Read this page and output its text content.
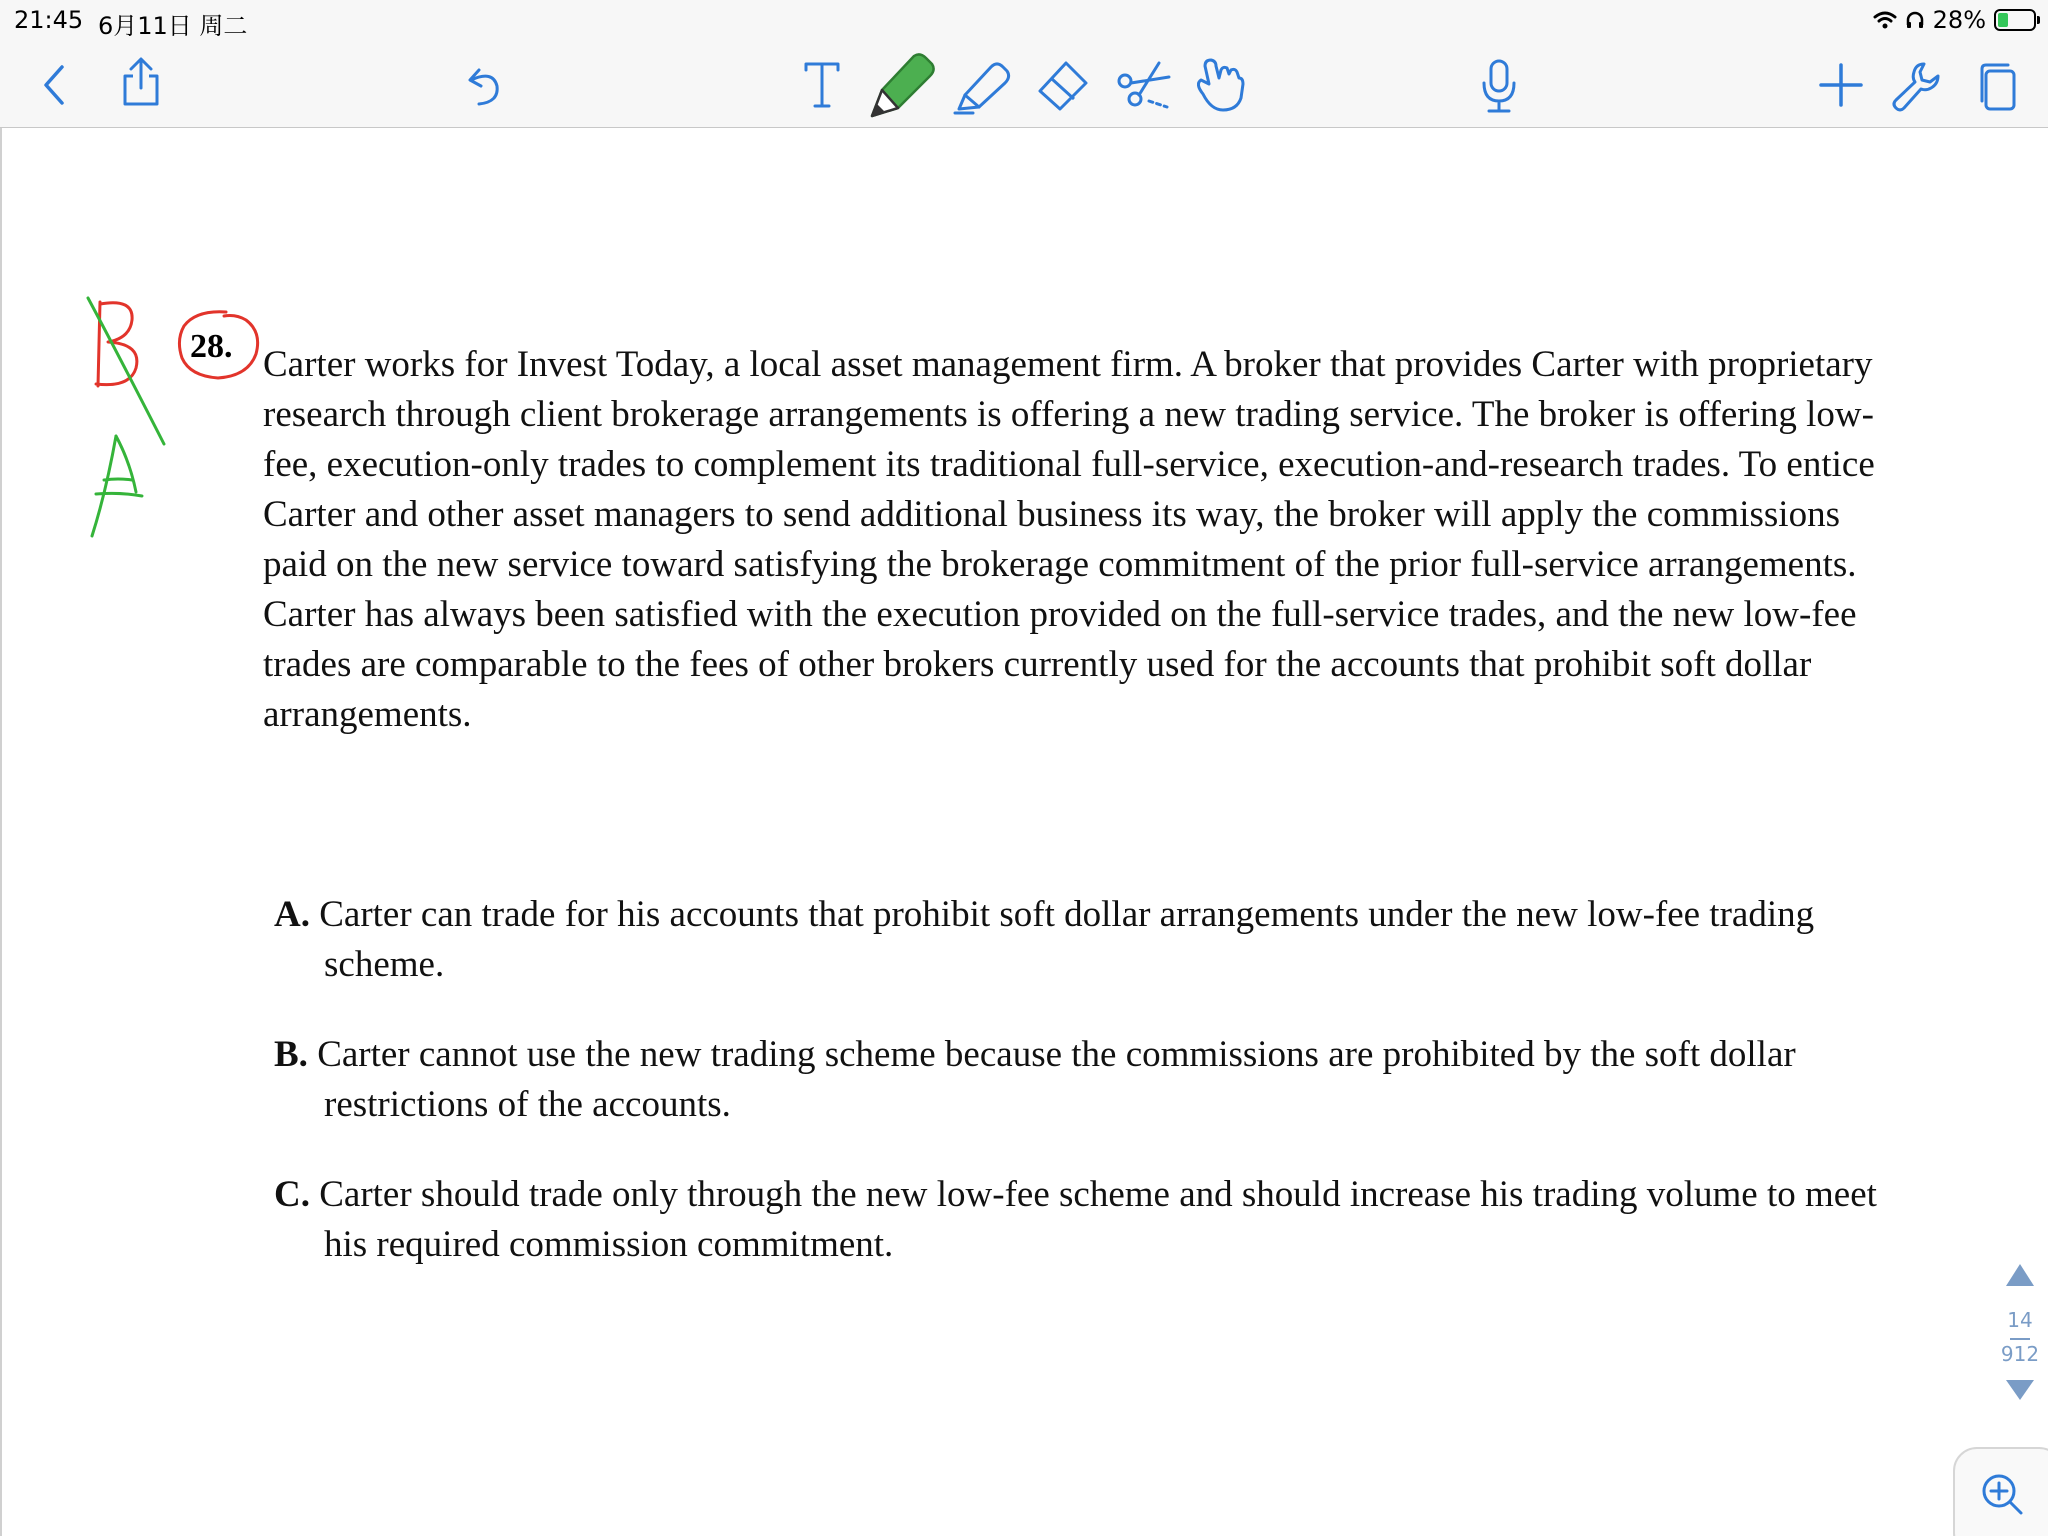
21:45 6月11日 周二	28%
28. Carter works for Invest Today, a local asset management firm. A broker that provides Carter with proprietary research through client brokerage arrangements is offering a new trading service. The broker is offering low-fee, execution-only trades to complement its traditional full-service, execution-and-research trades. To entice Carter and other asset managers to send additional business its way, the broker will apply the commissions paid on the new service toward satisfying the brokerage commitment of the prior full-service arrangements. Carter has always been satisfied with the execution provided on the full-service trades, and the new low-fee trades are comparable to the fees of other brokers currently used for the accounts that prohibit soft dollar arrangements.

A. Carter can trade for his accounts that prohibit soft dollar arrangements under the new low-fee trading scheme.

B. Carter cannot use the new trading scheme because the commissions are prohibited by the soft dollar restrictions of the accounts.

C. Carter should trade only through the new low-fee scheme and should increase his trading volume to meet his required commission commitment.

14
912
